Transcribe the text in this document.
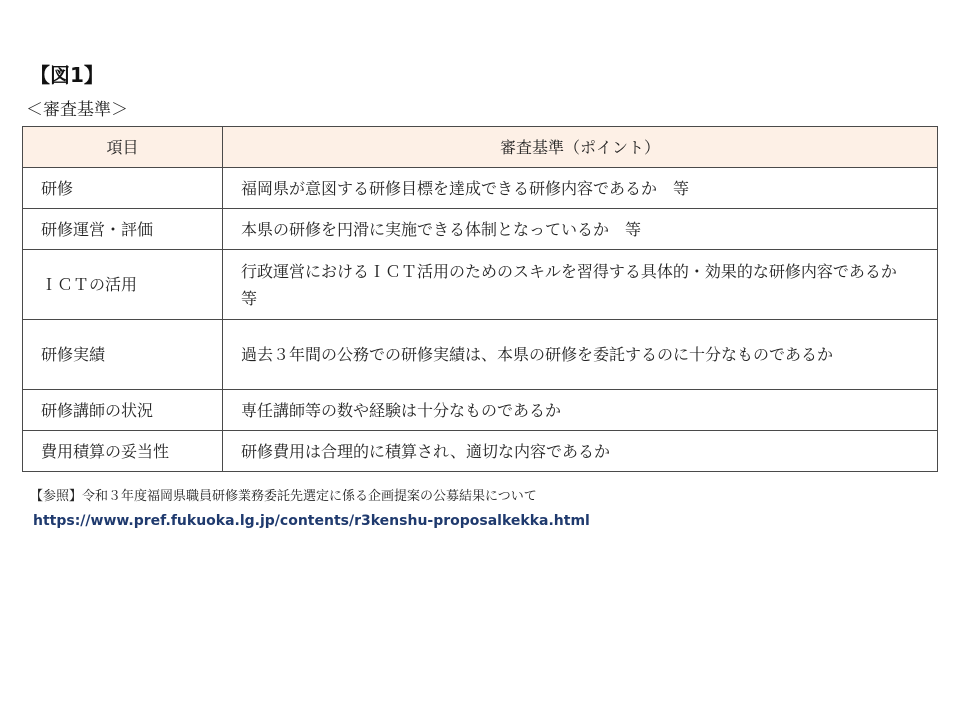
【図1】
＜審査基準＞
項目	審査基準（ポイント）
研修	福岡県が意図する研修目標を達成できる研修内容であるか　等
研修運営・評価	本県の研修を円滑に実施できる体制となっているか　等
ＩＣＴの活用	行政運営におけるＩＣＴ活用のためのスキルを習得する具体的・効果的な研修内容であるか　等
研修実績	過去３年間の公務での研修実績は、本県の研修を委託するのに十分なものであるか
研修講師の状況	専任講師等の数や経験は十分なものであるか
費用積算の妥当性	研修費用は合理的に積算され、適切な内容であるか
【参照】令和３年度福岡県職員研修業務委託先選定に係る企画提案の公募結果について
https://www.pref.fukuoka.lg.jp/contents/r3kenshu-proposalkekka.html
